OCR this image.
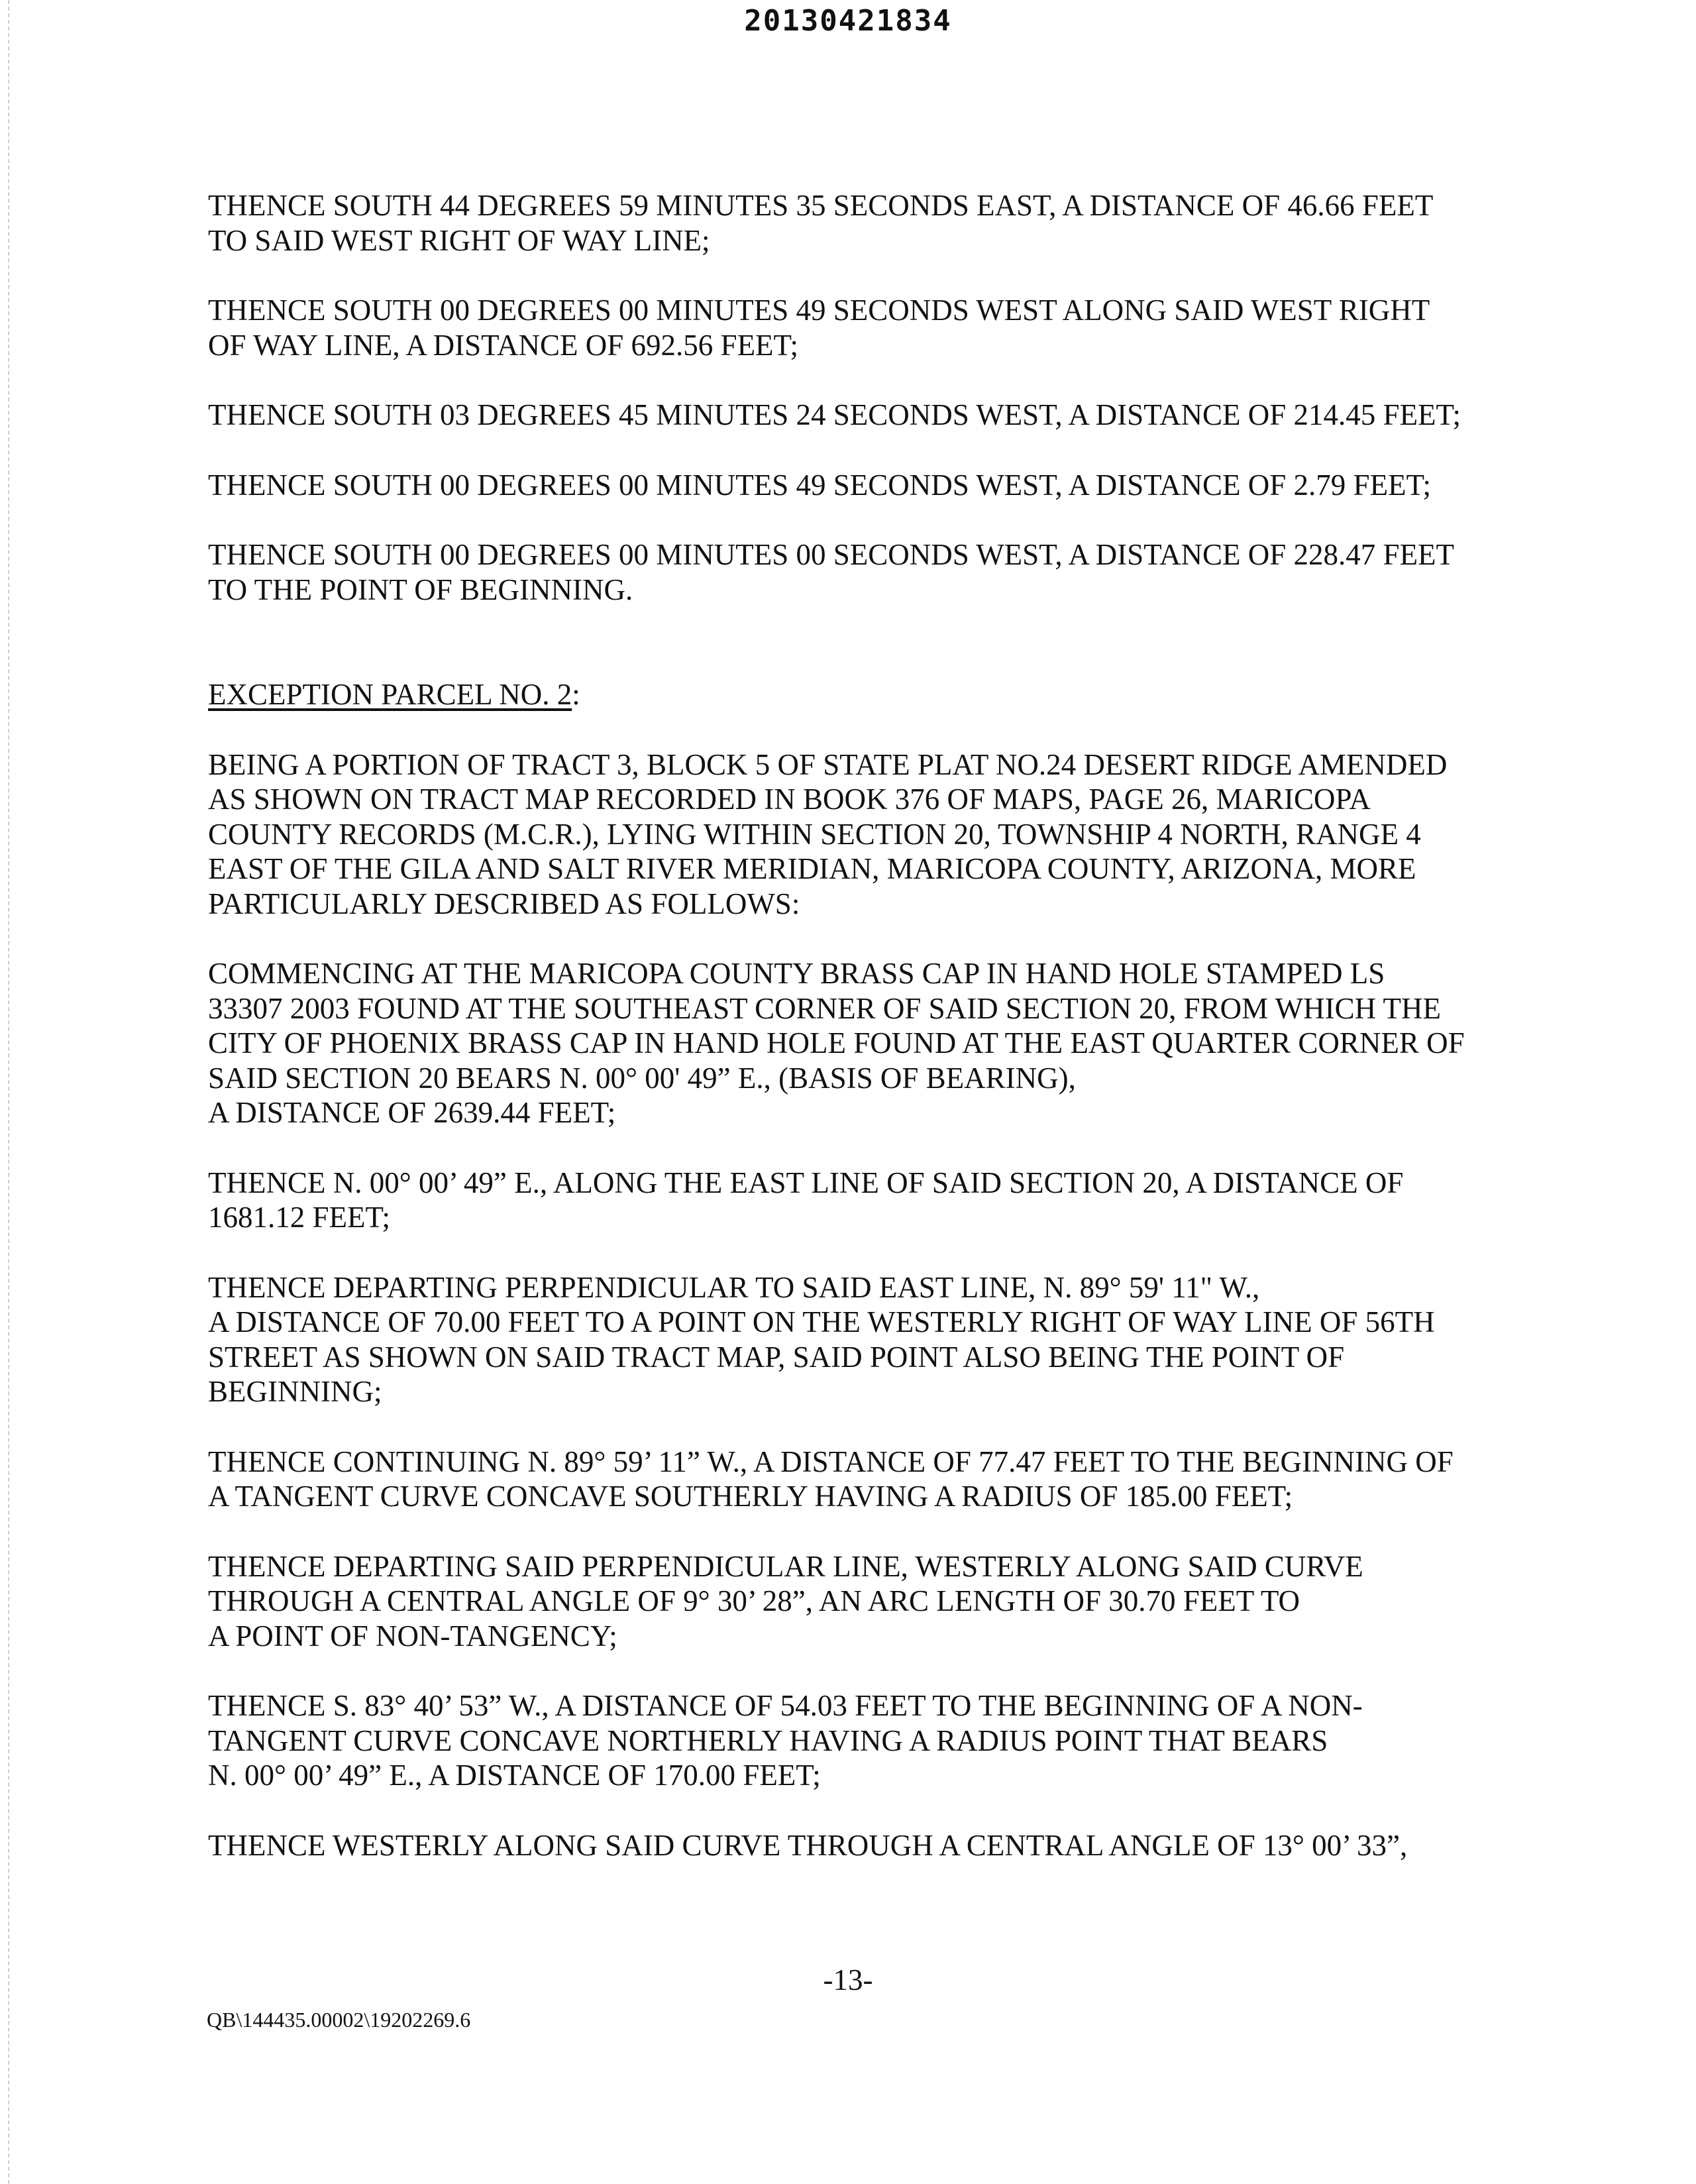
20130421834

THENCE SOUTH 44 DEGREES 59 MINUTES 35 SECONDS EAST, A DISTANCE OF 46.66 FEET
TO SAID WEST RIGHT OF WAY LINE;

THENCE SOUTH 00 DEGREES 00 MINUTES 49 SECONDS WEST ALONG SAID WEST RIGHT
OF WAY LINE, A DISTANCE OF 692.56 FEET;

THENCE SOUTH 03 DEGREES 45 MINUTES 24 SECONDS WEST, A DISTANCE OF 214.45 FEET;

THENCE SOUTH 00 DEGREES 00 MINUTES 49 SECONDS WEST, A DISTANCE OF 2.79 FEET;

THENCE SOUTH 00 DEGREES 00 MINUTES 00 SECONDS WEST, A DISTANCE OF 228.47 FEET
TO THE POINT OF BEGINNING.

EXCEPTION PARCEL NO. 2:

BEING A PORTION OF TRACT 3, BLOCK 5 OF STATE PLAT NO.24 DESERT RIDGE AMENDED
AS SHOWN ON TRACT MAP RECORDED IN BOOK 376 OF MAPS, PAGE 26, MARICOPA
COUNTY RECORDS (M.C.R.), LYING WITHIN SECTION 20, TOWNSHIP 4 NORTH, RANGE 4
EAST OF THE GILA AND SALT RIVER MERIDIAN, MARICOPA COUNTY, ARIZONA, MORE
PARTICULARLY DESCRIBED AS FOLLOWS:

COMMENCING AT THE MARICOPA COUNTY BRASS CAP IN HAND HOLE STAMPED LS
33307 2003 FOUND AT THE SOUTHEAST CORNER OF SAID SECTION 20, FROM WHICH THE
CITY OF PHOENIX BRASS CAP IN HAND HOLE FOUND AT THE EAST QUARTER CORNER OF
SAID SECTION 20 BEARS N. 00° 00' 49” E., (BASIS OF BEARING),
A DISTANCE OF 2639.44 FEET;

THENCE N. 00° 00’ 49” E., ALONG THE EAST LINE OF SAID SECTION 20, A DISTANCE OF
1681.12 FEET;

THENCE DEPARTING PERPENDICULAR TO SAID EAST LINE, N. 89° 59' 11" W.,
A DISTANCE OF 70.00 FEET TO A POINT ON THE WESTERLY RIGHT OF WAY LINE OF 56TH
STREET AS SHOWN ON SAID TRACT MAP, SAID POINT ALSO BEING THE POINT OF
BEGINNING;

THENCE CONTINUING N. 89° 59’ 11” W., A DISTANCE OF 77.47 FEET TO THE BEGINNING OF
A TANGENT CURVE CONCAVE SOUTHERLY HAVING A RADIUS OF 185.00 FEET;

THENCE DEPARTING SAID PERPENDICULAR LINE, WESTERLY ALONG SAID CURVE
THROUGH A CENTRAL ANGLE OF 9° 30’ 28”, AN ARC LENGTH OF 30.70 FEET TO
A POINT OF NON-TANGENCY;

THENCE S. 83° 40’ 53” W., A DISTANCE OF 54.03 FEET TO THE BEGINNING OF A NON-
TANGENT CURVE CONCAVE NORTHERLY HAVING A RADIUS POINT THAT BEARS
N. 00° 00’ 49” E., A DISTANCE OF 170.00 FEET;

THENCE WESTERLY ALONG SAID CURVE THROUGH A CENTRAL ANGLE OF 13° 00’ 33”,

-13-
QB\144435.00002\19202269.6
